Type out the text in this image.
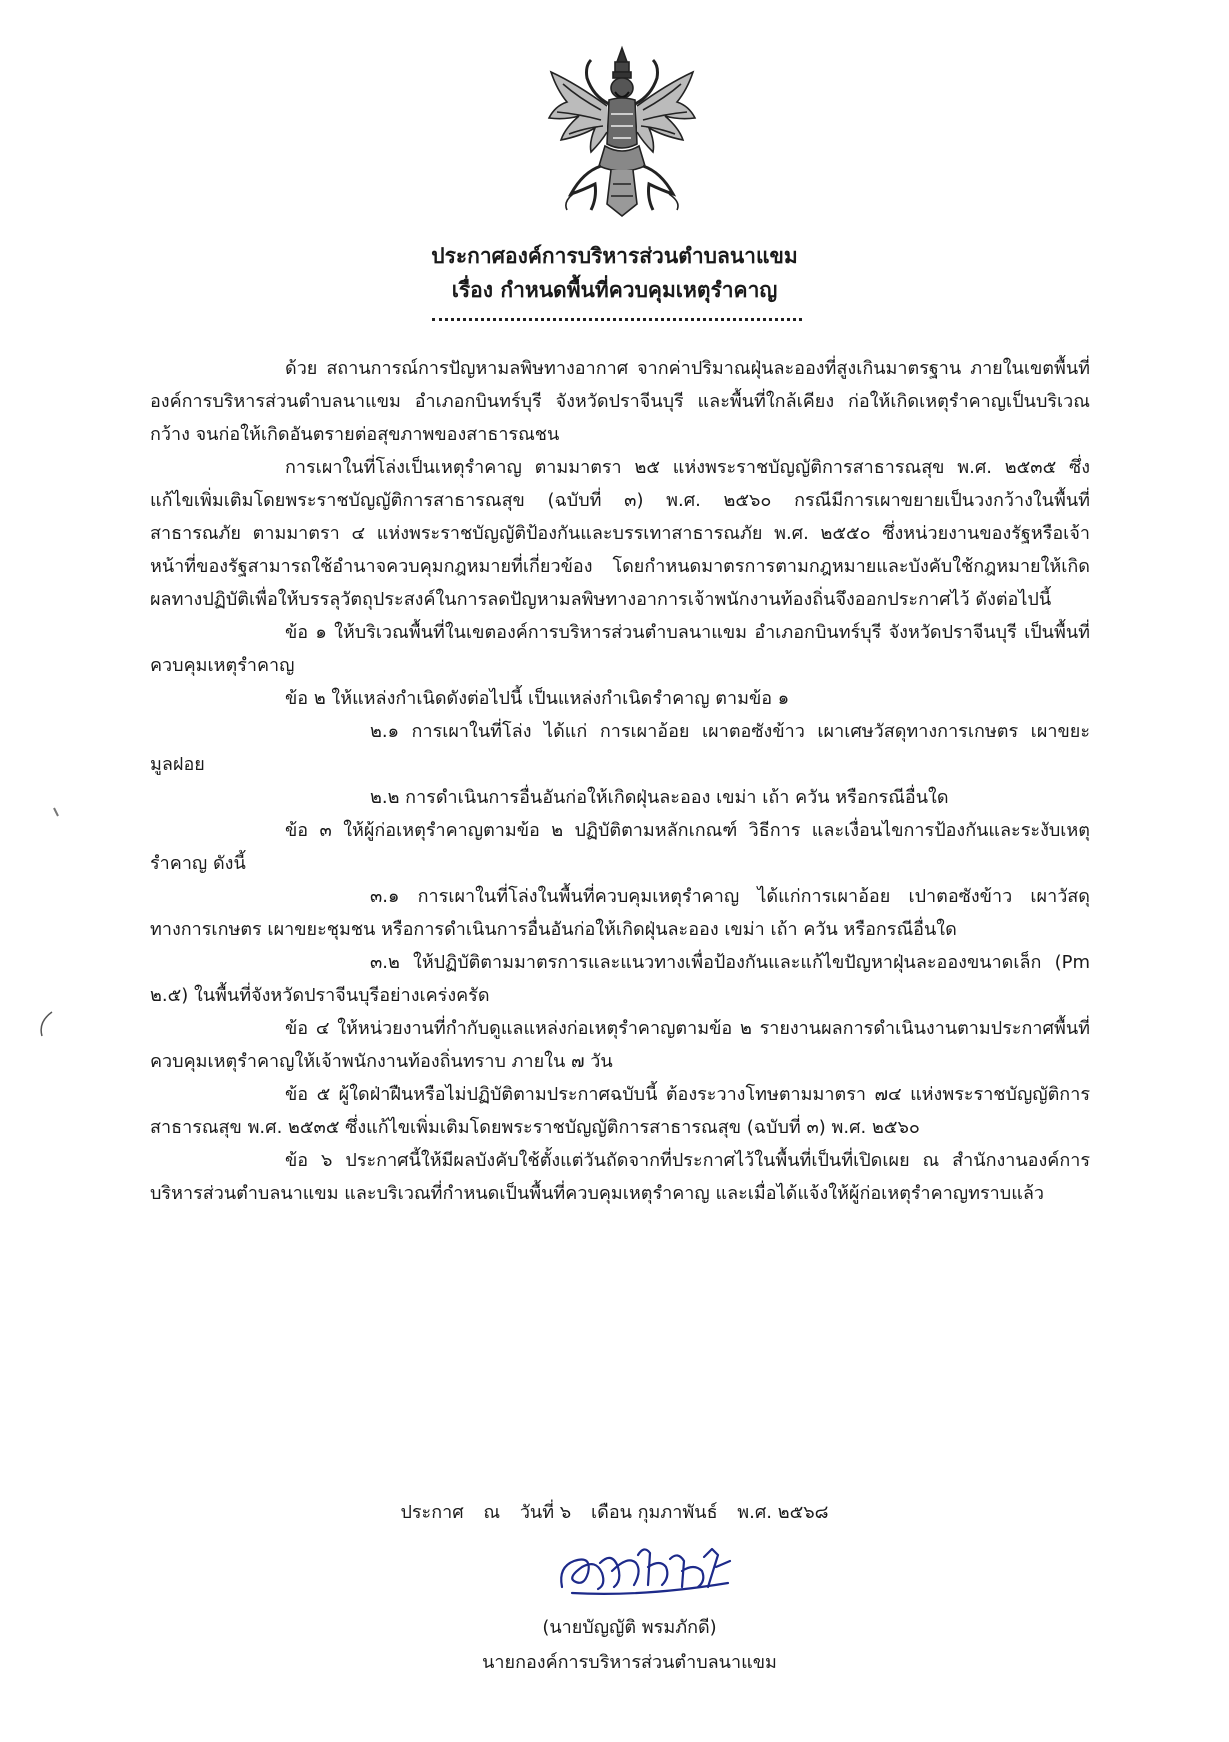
ประกาศองค์การบริหารส่วนตำบลนาแขม
เรื่อง กำหนดพื้นที่ควบคุมเหตุรำคาญ

ด้วย สถานการณ์การปัญหามลพิษทางอากาศ จากค่าปริมาณฝุ่นละอองที่สูงเกินมาตรฐาน ภายในเขตพื้นที่องค์การบริหารส่วนตำบลนาแขม อำเภอกบินทร์บุรี จังหวัดปราจีนบุรี และพื้นที่ใกล้เคียง ก่อให้เกิดเหตุรำคาญเป็นบริเวณกว้าง จนก่อให้เกิดอันตรายต่อสุขภาพของสาธารณชน

การเผาในที่โล่งเป็นเหตุรำคาญ ตามมาตรา ๒๕ แห่งพระราชบัญญัติการสาธารณสุข พ.ศ. ๒๕๓๕ ซึ่งแก้ไขเพิ่มเติมโดยพระราชบัญญัติการสาธารณสุข (ฉบับที่ ๓) พ.ศ. ๒๕๖๐ กรณีมีการเผาขยายเป็นวงกว้างในพื้นที่สาธารณภัย ตามมาตรา ๔ แห่งพระราชบัญญัติป้องกันและบรรเทาสาธารณภัย พ.ศ. ๒๕๕๐ ซึ่งหน่วยงานของรัฐหรือเจ้าหน้าที่ของรัฐสามารถใช้อำนาจควบคุมกฎหมายที่เกี่ยวข้อง โดยกำหนดมาตรการตามกฎหมายและบังคับใช้กฎหมายให้เกิดผลทางปฏิบัติเพื่อให้บรรลุวัตถุประสงค์ในการลดปัญหามลพิษทางอาการเจ้าพนักงานท้องถิ่นจึงออกประกาศไว้ ดังต่อไปนี้

ข้อ ๑ ให้บริเวณพื้นที่ในเขตองค์การบริหารส่วนตำบลนาแขม อำเภอกบินทร์บุรี จังหวัดปราจีนบุรี เป็นพื้นที่ควบคุมเหตุรำคาญ

ข้อ ๒ ให้แหล่งกำเนิดดังต่อไปนี้ เป็นแหล่งกำเนิดรำคาญ ตามข้อ ๑

๒.๑ การเผาในที่โล่ง ได้แก่ การเผาอ้อย เผาตอซังข้าว เผาเศษวัสดุทางการเกษตร เผาขยะมูลฝอย

๒.๒ การดำเนินการอื่นอันก่อให้เกิดฝุ่นละออง เขม่า เถ้า ควัน หรือกรณีอื่นใด

ข้อ ๓ ให้ผู้ก่อเหตุรำคาญตามข้อ ๒ ปฏิบัติตามหลักเกณฑ์ วิธีการ และเงื่อนไขการป้องกันและระงับเหตุรำคาญ ดังนี้

๓.๑ การเผาในที่โล่งในพื้นที่ควบคุมเหตุรำคาญ ได้แก่การเผาอ้อย เปาตอซังข้าว เผาวัสดุทางการเกษตร เผาขยะชุมชน หรือการดำเนินการอื่นอันก่อให้เกิดฝุ่นละออง เขม่า เถ้า ควัน หรือกรณีอื่นใด

๓.๒ ให้ปฏิบัติตามมาตรการและแนวทางเพื่อป้องกันและแก้ไขปัญหาฝุ่นละอองขนาดเล็ก (Pm ๒.๕) ในพื้นที่จังหวัดปราจีนบุรีอย่างเคร่งครัด

ข้อ ๔ ให้หน่วยงานที่กำกับดูแลแหล่งก่อเหตุรำคาญตามข้อ ๒ รายงานผลการดำเนินงานตามประกาศพื้นที่ควบคุมเหตุรำคาญให้เจ้าพนักงานท้องถิ่นทราบ ภายใน ๗ วัน

ข้อ ๕ ผู้ใดฝ่าฝืนหรือไม่ปฏิบัติตามประกาศฉบับนี้ ต้องระวางโทษตามมาตรา ๗๔ แห่งพระราชบัญญัติการสาธารณสุข พ.ศ. ๒๕๓๕ ซึ่งแก้ไขเพิ่มเติมโดยพระราชบัญญัติการสาธารณสุข (ฉบับที่ ๓) พ.ศ. ๒๕๖๐

ข้อ ๖ ประกาศนี้ให้มีผลบังคับใช้ตั้งแต่วันถัดจากที่ประกาศไว้ในพื้นที่เป็นที่เปิดเผย ณ สำนักงานองค์การบริหารส่วนตำบลนาแขม และบริเวณที่กำหนดเป็นพื้นที่ควบคุมเหตุรำคาญ และเมื่อได้แจ้งให้ผู้ก่อเหตุรำคาญทราบแล้ว

ประกาศ ณ วันที่ ๖ เดือน กุมภาพันธ์ พ.ศ. ๒๕๖๘
(นายบัญญัติ พรมภักดี)
นายกองค์การบริหารส่วนตำบลนาแขม
